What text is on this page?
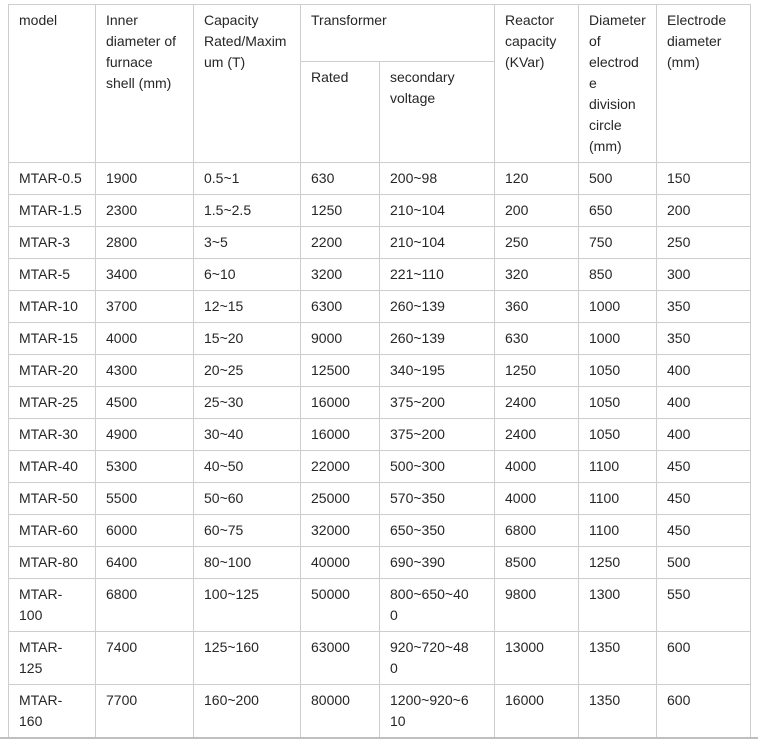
model	Inner diameter of furnace shell (mm)	Capacity Rated/Maximum (T)	Transformer		Reactor capacity (KVar)	Diameter of electrode division circle (mm)	Electrode diameter (mm)
			Rated	secondary voltage			
MTAR-0.5	1900	0.5~1	630	200~98	120	500	150
MTAR-1.5	2300	1.5~2.5	1250	210~104	200	650	200
MTAR-3	2800	3~5	2200	210~104	250	750	250
MTAR-5	3400	6~10	3200	221~110	320	850	300
MTAR-10	3700	12~15	6300	260~139	360	1000	350
MTAR-15	4000	15~20	9000	260~139	630	1000	350
MTAR-20	4300	20~25	12500	340~195	1250	1050	400
MTAR-25	4500	25~30	16000	375~200	2400	1050	400
MTAR-30	4900	30~40	16000	375~200	2400	1050	400
MTAR-40	5300	40~50	22000	500~300	4000	1100	450
MTAR-50	5500	50~60	25000	570~350	4000	1100	450
MTAR-60	6000	60~75	32000	650~350	6800	1100	450
MTAR-80	6400	80~100	40000	690~390	8500	1250	500
MTAR-100	6800	100~125	50000	800~650~400	9800	1300	550
MTAR-125	7400	125~160	63000	920~720~480	13000	1350	600
MTAR-160	7700	160~200	80000	1200~920~610	16000	1350	600
